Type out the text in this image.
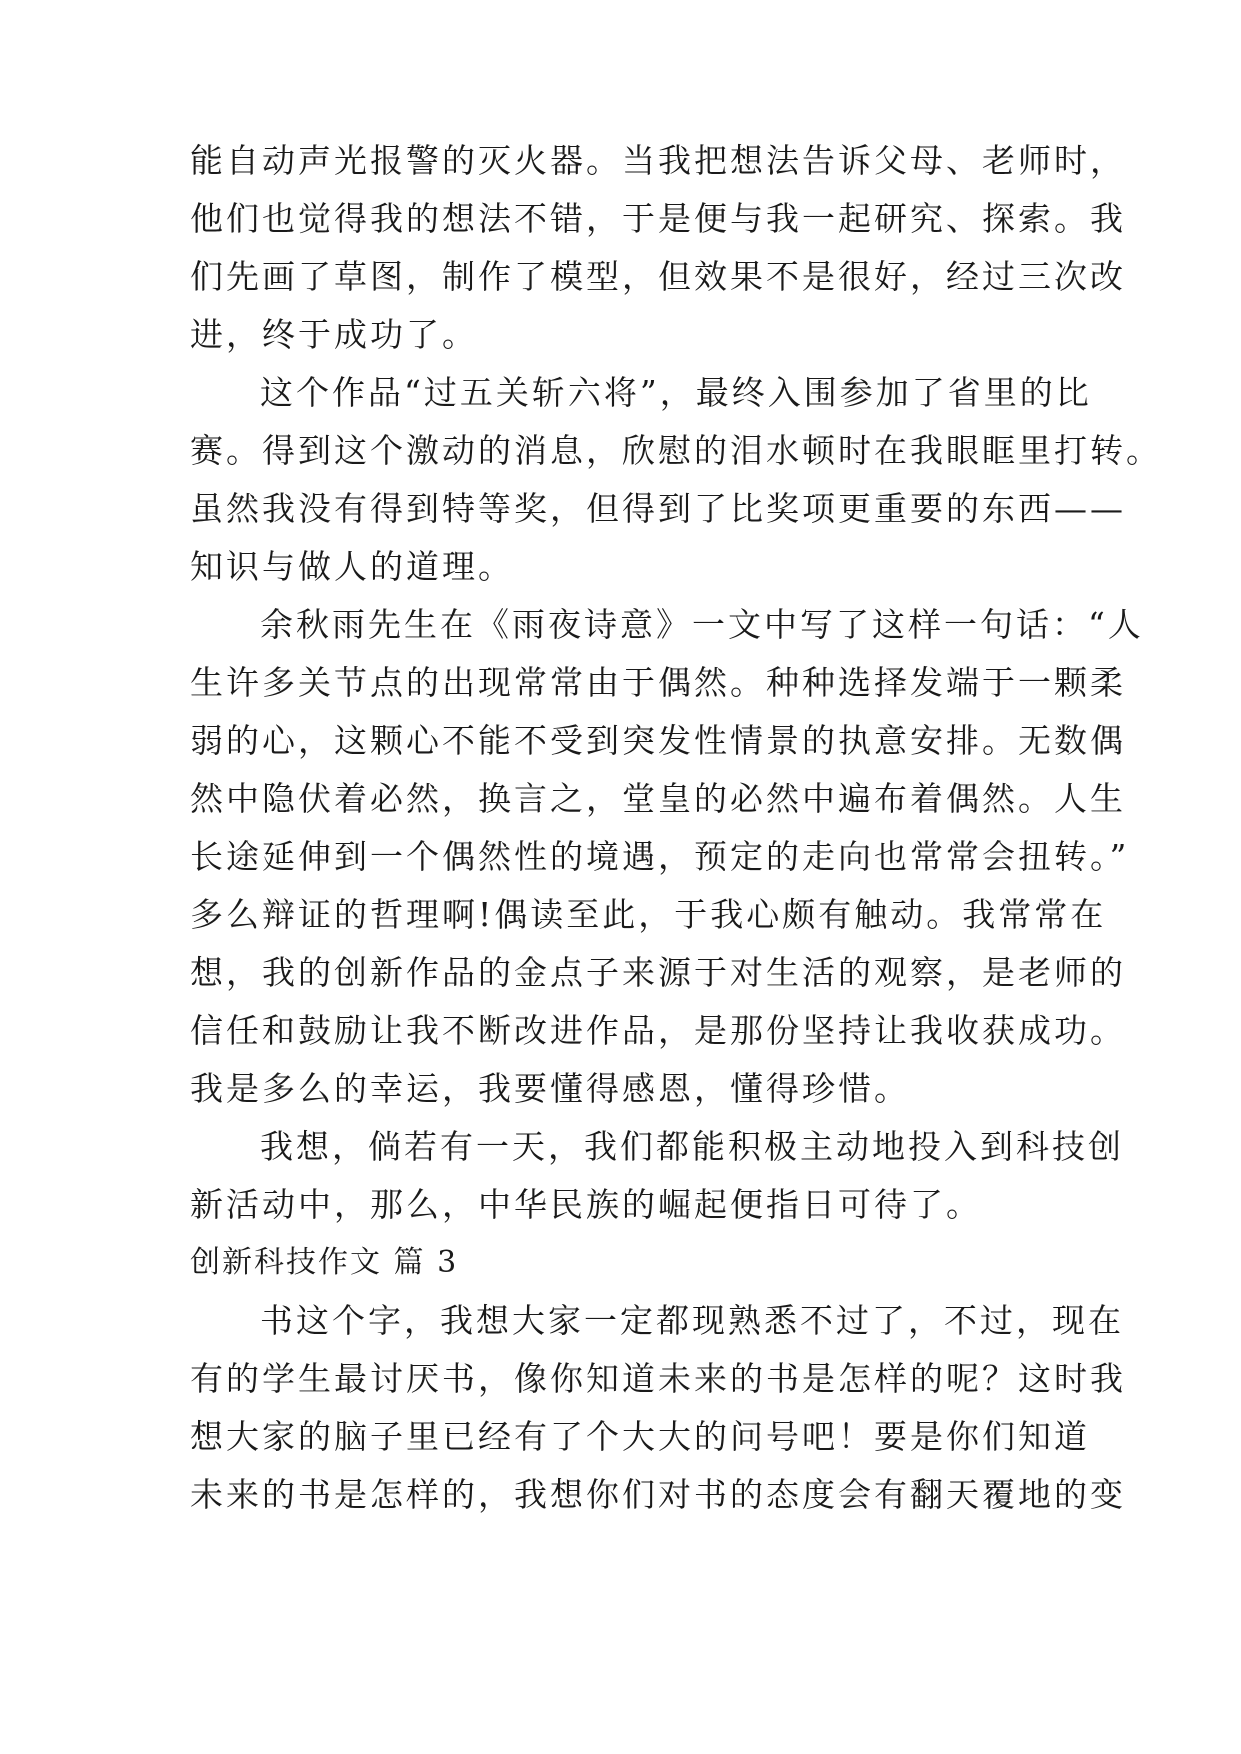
能自动声光报警的灭火器。当我把想法告诉父母、老师时，

他们也觉得我的想法不错，于是便与我一起研究、探索。我

们先画了草图，制作了模型，但效果不是很好，经过三次改

进，终于成功了。

这个作品“过五关斩六将”，最终入围参加了省里的比

赛。得到这个激动的消息，欣慰的泪水顿时在我眼眶里打转。

虽然我没有得到特等奖，但得到了比奖项更重要的东西——

知识与做人的道理。

余秋雨先生在《雨夜诗意》一文中写了这样一句话：“人

生许多关节点的出现常常由于偶然。种种选择发端于一颗柔

弱的心，这颗心不能不受到突发性情景的执意安排。无数偶

然中隐伏着必然，换言之，堂皇的必然中遍布着偶然。人生

长途延伸到一个偶然性的境遇，预定的走向也常常会扭转。”

多么辩证的哲理啊!偶读至此，于我心颇有触动。我常常在

想，我的创新作品的金点子来源于对生活的观察，是老师的

信任和鼓励让我不断改进作品，是那份坚持让我收获成功。

我是多么的幸运，我要懂得感恩，懂得珍惜。

我想，倘若有一天，我们都能积极主动地投入到科技创

新活动中，那么，中华民族的崛起便指日可待了。

创新科技作文 篇 3

书这个字，我想大家一定都现熟悉不过了，不过，现在

有的学生最讨厌书，像你知道未来的书是怎样的呢？这时我

想大家的脑子里已经有了个大大的问号吧！要是你们知道

未来的书是怎样的，我想你们对书的态度会有翻天覆地的变
